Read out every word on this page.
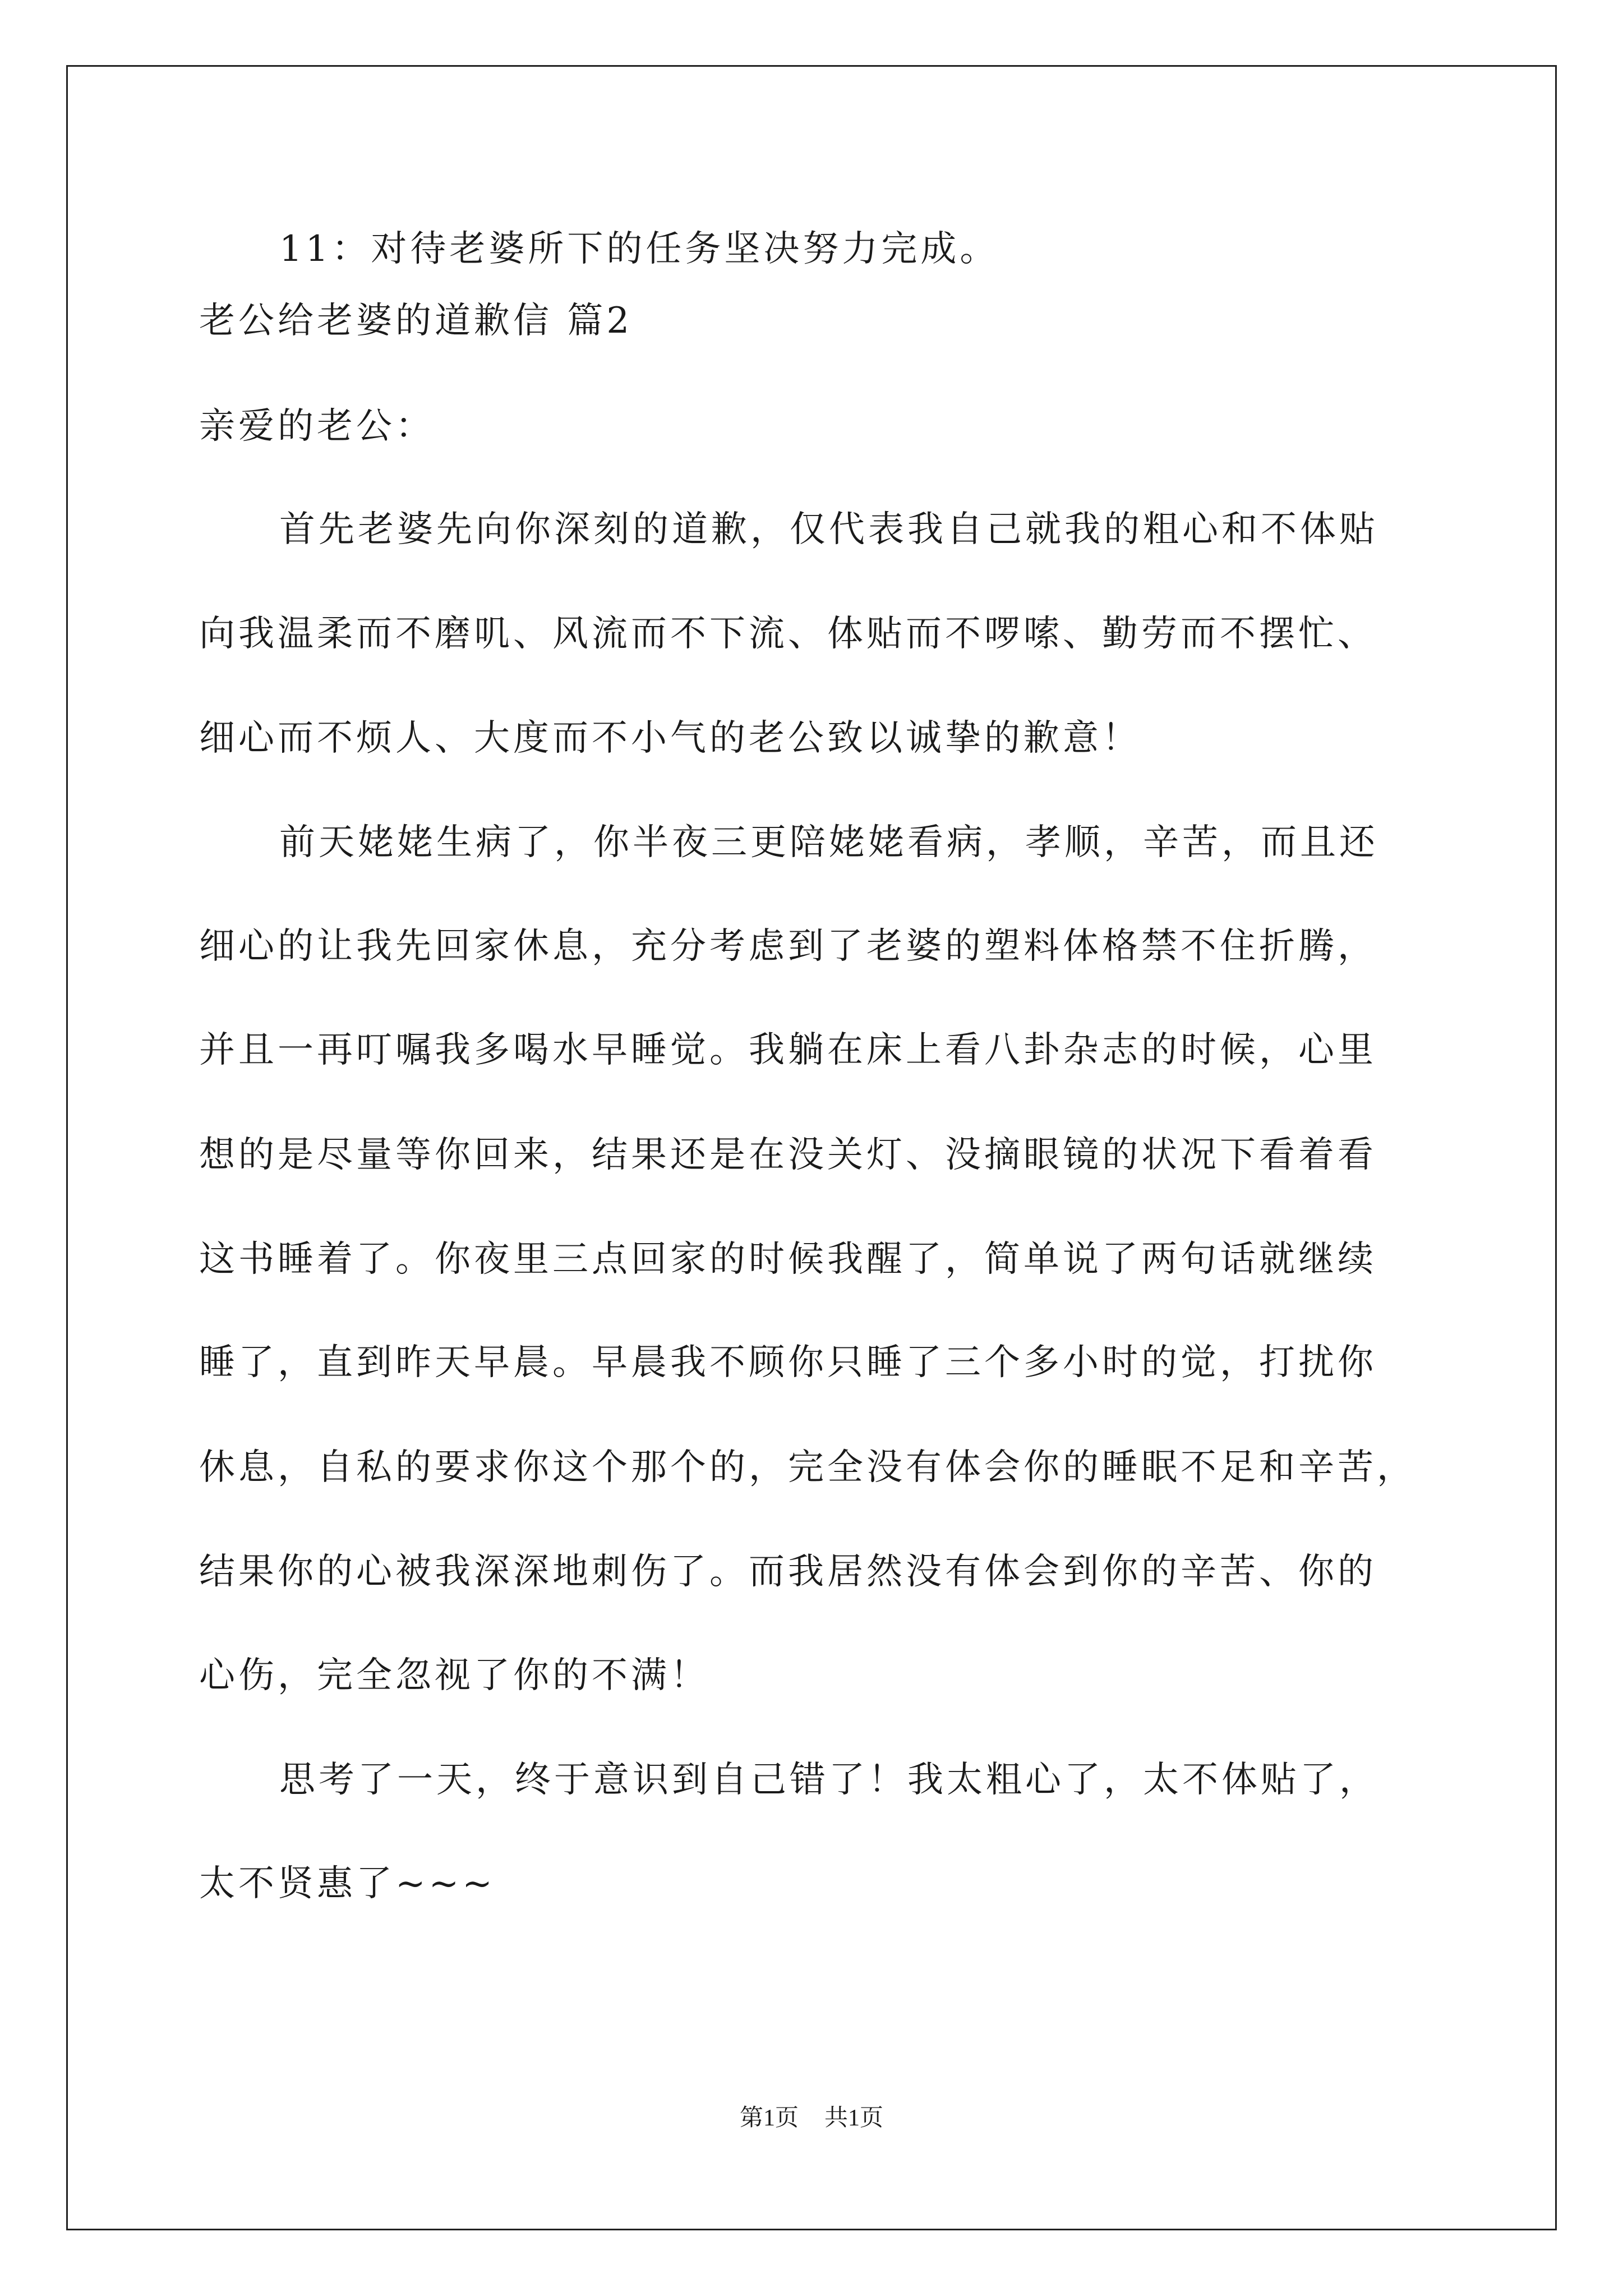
11：对待老婆所下的任务坚决努力完成。
老公给老婆的道歉信 篇2
亲爱的老公：
首先老婆先向你深刻的道歉，仅代表我自己就我的粗心和不体贴
向我温柔而不磨叽、风流而不下流、体贴而不啰嗦、勤劳而不摆忙、
细心而不烦人、大度而不小气的老公致以诚挚的歉意！
前天姥姥生病了，你半夜三更陪姥姥看病，孝顺，辛苦，而且还
细心的让我先回家休息，充分考虑到了老婆的塑料体格禁不住折腾，
并且一再叮嘱我多喝水早睡觉。我躺在床上看八卦杂志的时候，心里
想的是尽量等你回来，结果还是在没关灯、没摘眼镜的状况下看着看
这书睡着了。你夜里三点回家的时候我醒了，简单说了两句话就继续
睡了，直到昨天早晨。早晨我不顾你只睡了三个多小时的觉，打扰你
休息，自私的要求你这个那个的，完全没有体会你的睡眠不足和辛苦，
结果你的心被我深深地刺伤了。而我居然没有体会到你的辛苦、你的
心伤，完全忽视了你的不满！
思考了一天，终于意识到自己错了！我太粗心了，太不体贴了，
太不贤惠了~~~
第1页 共1页
